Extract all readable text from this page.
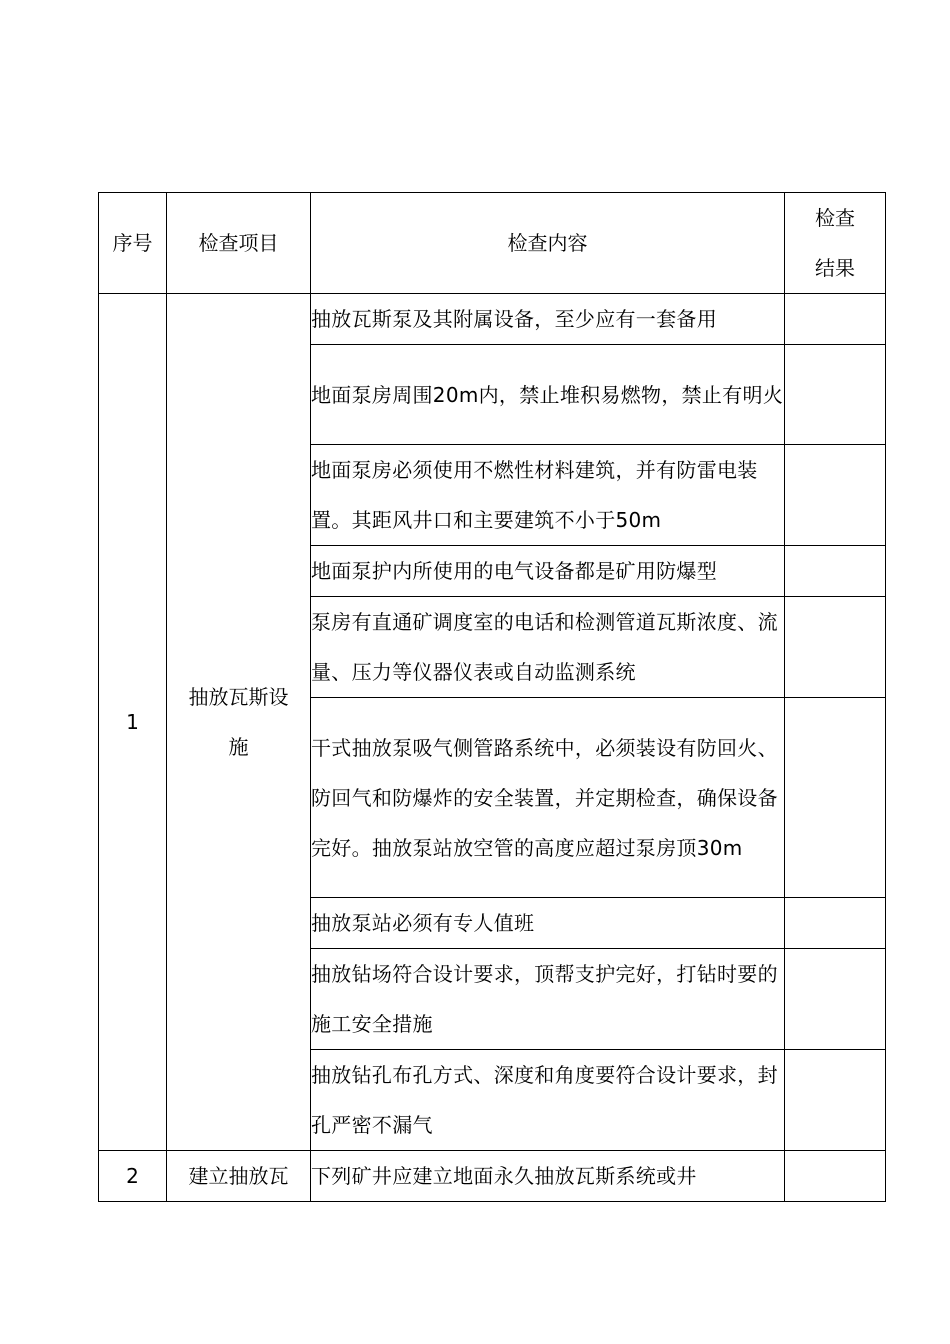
序号	检查项目	检查内容	检查结果
1	抽放瓦斯设施	抽放瓦斯泵及其附属设备，至少应有一套备用	
		地面泵房周围20m内，禁止堆积易燃物，禁止有明火	
		地面泵房必须使用不燃性材料建筑，并有防雷电装置。其距风井口和主要建筑不小于50m	
		地面泵护内所使用的电气设备都是矿用防爆型	
		泵房有直通矿调度室的电话和检测管道瓦斯浓度、流量、压力等仪器仪表或自动监测系统	
		干式抽放泵吸气侧管路系统中，必须装设有防回火、防回气和防爆炸的安全装置，并定期检查，确保设备完好。抽放泵站放空管的高度应超过泵房顶30m	
		抽放泵站必须有专人值班	
		抽放钻场符合设计要求，顶帮支护完好，打钻时要的施工安全措施	
		抽放钻孔布孔方式、深度和角度要符合设计要求，封孔严密不漏气	
2	建立抽放瓦	下列矿井应建立地面永久抽放瓦斯系统或井	
